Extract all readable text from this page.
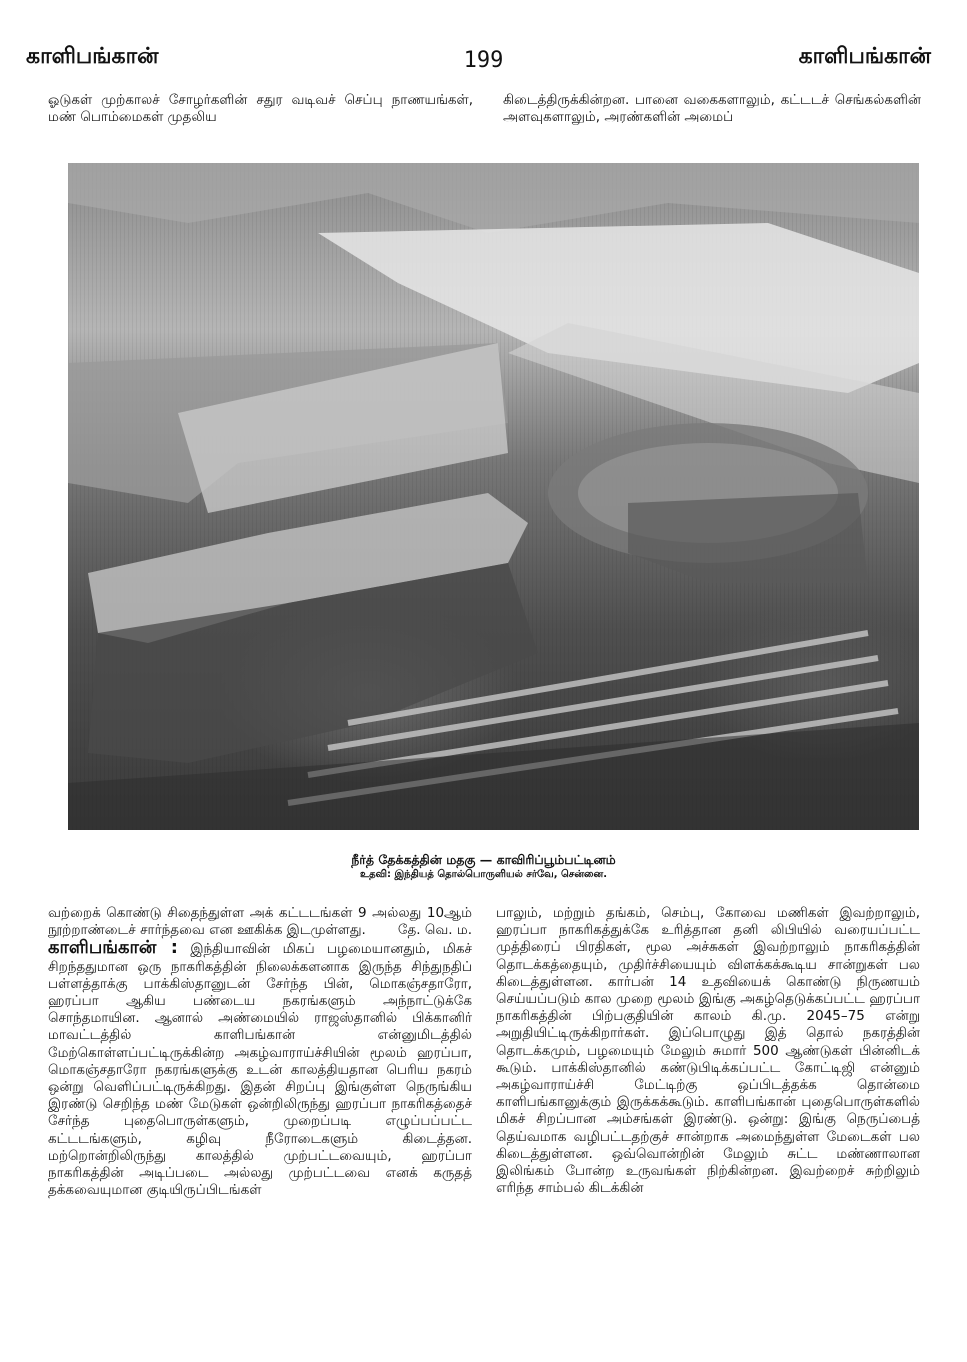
காளிபங்கான்	199	காளிபங்கான்

ஓடுகள் முற்காலச் சோழர்களின் சதுர வடிவச் செப்பு நாணயங்கள், மண் பொம்மைகள் முதலிய

கிடைத்திருக்கின்றன. பானை வகைகளாலும், கட்டடச் செங்கல்களின் அளவுகளாலும், அரண்களின் அமைப்

நீர்த் தேக்கத்தின் மதகு — காவிரிப்பூம்பட்டினம்
உதவி: இந்தியத் தொல்பொருளியல் சர்வே, சென்னை.

வற்றைக் கொண்டு சிதைந்துள்ள அக் கட்டடங்கள் 9 அல்லது 10ஆம் நூற்றாண்டைச் சார்ந்தவை என ஊகிக்க இடமுள்ளது. தே. வெ. ம.

காளிபங்கான் : இந்தியாவின் மிகப் பழமையானதும், மிகச் சிறந்ததுமான ஒரு நாகரிகத்தின் நிலைக்களனாக இருந்த சிந்துநதிப் பள்ளத்தாக்கு பாக்கிஸ்தானுடன் சேர்ந்த பின், மொகஞ்சதாரோ, ஹரப்பா ஆகிய பண்டைய நகரங்களும் அந்நாட்டுக்கே சொந்தமாயின. ஆனால் அண்மையில் ராஜஸ்தானில் பிக்கானிர் மாவட்டத்தில் காளிபங்கான் என்னுமிடத்தில் மேற்கொள்ளப்பட்டிருக்கின்ற அகழ்வாராய்ச்சியின் மூலம் ஹரப்பா, மொகஞ்சதாரோ நகரங்களுக்கு உடன் காலத்தியதான பெரிய நகரம் ஒன்று வெளிப்பட்டிருக்கிறது. இதன் சிறப்பு இங்குள்ள நெருங்கிய இரண்டு செறிந்த மண் மேடுகள் ஒன்றிலிருந்து ஹரப்பா நாகரிகத்தைச் சேர்ந்த புதைபொருள்களும், முறைப்படி எழுப்பப்பட்ட கட்டடங்களும், கழிவு நீரோடைகளும் கிடைத்தன. மற்றொன்றிலிருந்து காலத்தில் முற்பட்டவையும், ஹரப்பா நாகரிகத்தின் அடிப்படை அல்லது முற்பட்டவை எனக் கருதத் தக்கவையுமான குடியிருப்பிடங்கள்

பாலும், மற்றும் தங்கம், செம்பு, கோவை மணிகள் இவற்றாலும், ஹரப்பா நாகரிகத்துக்கே உரித்தான தனி லிபியில் வரையப்பட்ட முத்திரைப் பிரதிகள், மூல அச்சுகள் இவற்றாலும் நாகரிகத்தின் தொடக்கத்தையும், முதிர்ச்சியையும் விளக்கக்கூடிய சான்றுகள் பல கிடைத்துள்ளன. கார்பன் 14 உதவியைக் கொண்டு நிருணயம் செய்யப்படும் கால முறை மூலம் இங்கு அகழ்தெடுக்கப்பட்ட ஹரப்பா நாகரிகத்தின் பிற்பகுதியின் காலம் கி.மு. 2045–75 என்று அறுதியிட்டிருக்கிறார்கள். இப்பொழுது இத் தொல் நகரத்தின் தொடக்கமும், பழமையும் மேலும் சுமார் 500 ஆண்டுகள் பின்னிடக் கூடும். பாக்கிஸ்தானில் கண்டுபிடிக்கப்பட்ட கோட்டிஜி என்னும் அகழ்வாராய்ச்சி மேட்டிற்கு ஒப்பிடத்தக்க தொன்மை காளிபங்கானுக்கும் இருக்கக்கூடும். காளிபங்கான் புதைபொருள்களில் மிகச் சிறப்பான அம்சங்கள் இரண்டு. ஒன்று: இங்கு நெருப்பைத் தெய்வமாக வழிபட்டதற்குச் சான்றாக அமைந்துள்ள மேடைகள் பல கிடைத்துள்ளன. ஒவ்வொன்றின் மேலும் சுட்ட மண்ணாலான இலிங்கம் போன்ற உருவங்கள் நிற்கின்றன. இவற்றைச் சுற்றிலும் எரிந்த சாம்பல் கிடக்கின்
